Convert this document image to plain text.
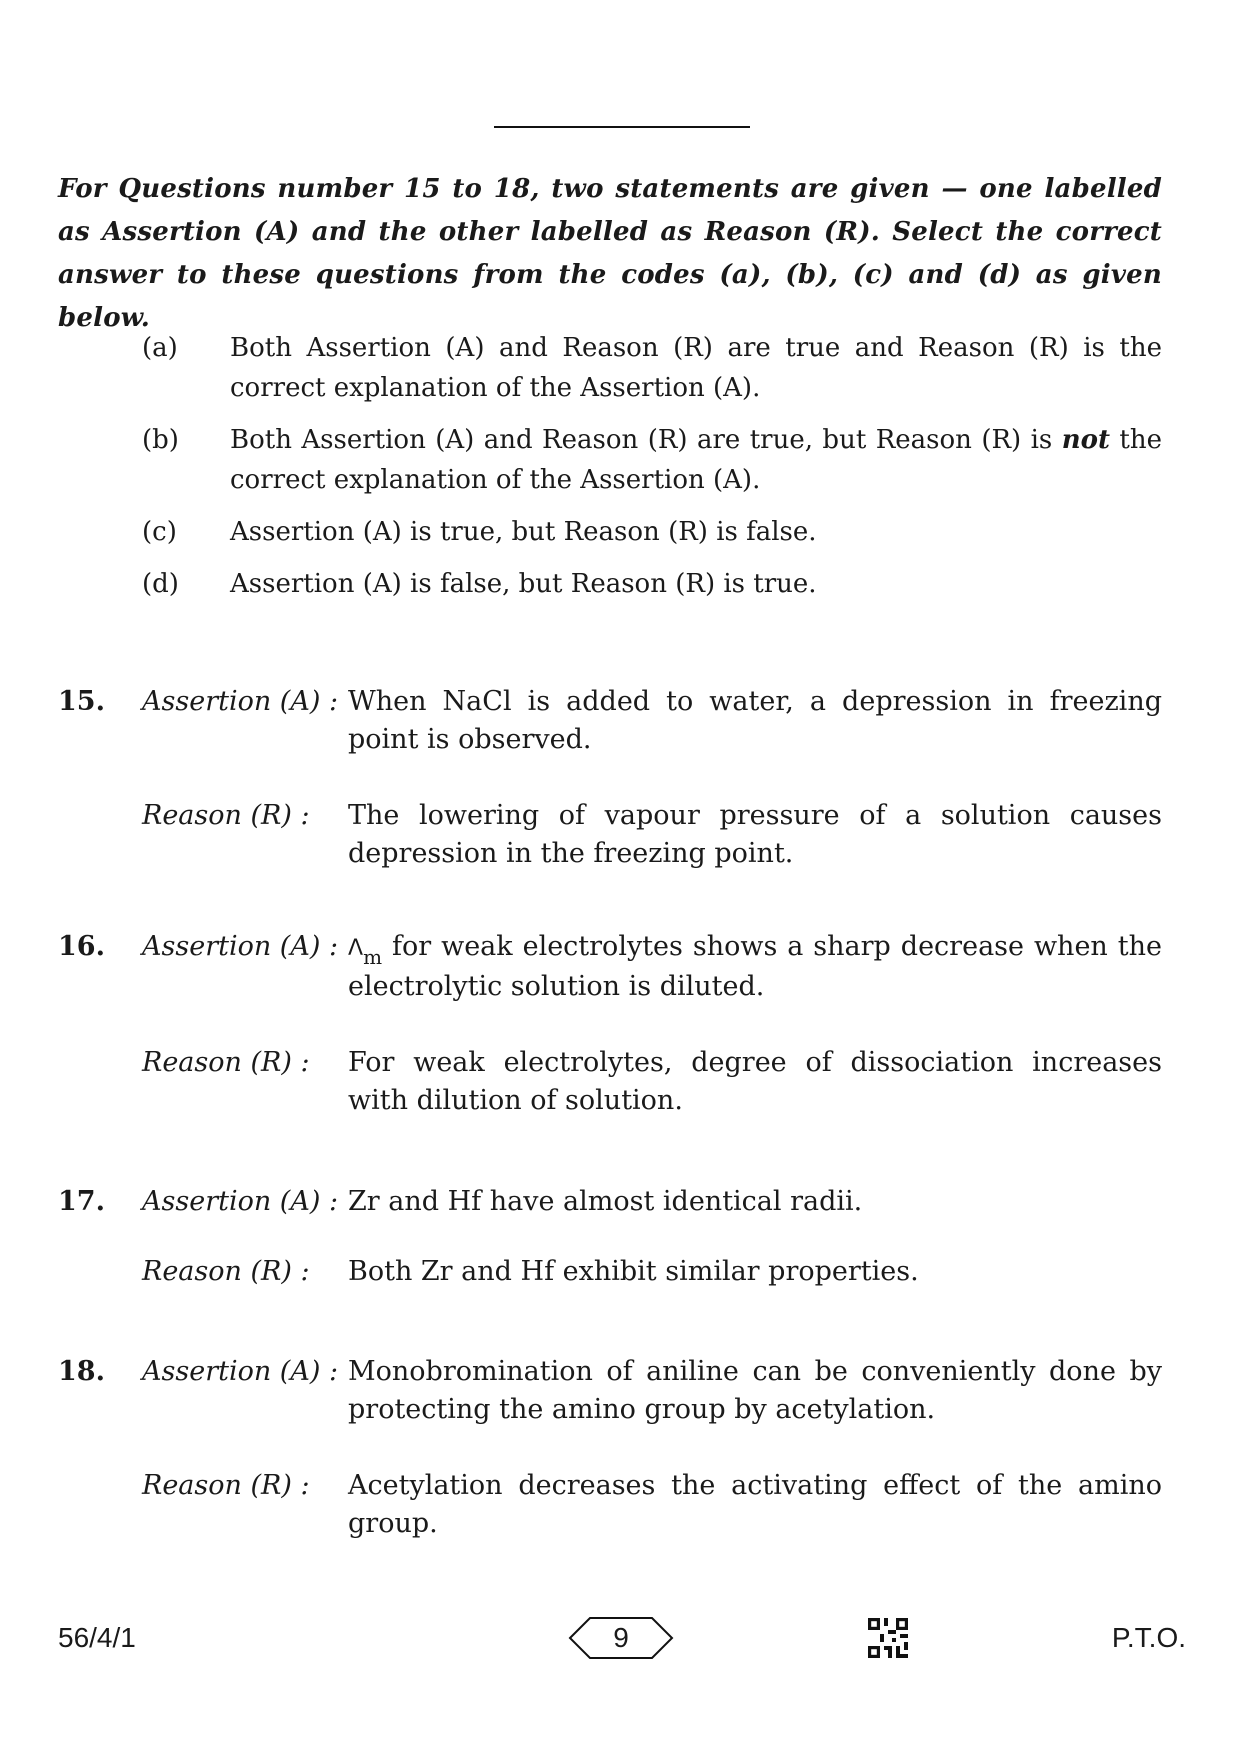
For Questions number 15 to 18, two statements are given — one labelled as Assertion (A) and the other labelled as Reason (R). Select the correct answer to these questions from the codes (a), (b), (c) and (d) as given below.
(a)	Both Assertion (A) and Reason (R) are true and Reason (R) is the correct explanation of the Assertion (A).
(b)	Both Assertion (A) and Reason (R) are true, but Reason (R) is not the correct explanation of the Assertion (A).
(c)	Assertion (A) is true, but Reason (R) is false.
(d)	Assertion (A) is false, but Reason (R) is true.
15. Assertion (A) : When NaCl is added to water, a depression in freezing point is observed.
Reason (R) : The lowering of vapour pressure of a solution causes depression in the freezing point.
16. Assertion (A) : $\Lambda_m$ for weak electrolytes shows a sharp decrease when the electrolytic solution is diluted.
Reason (R) : For weak electrolytes, degree of dissociation increases with dilution of solution.
17. Assertion (A) : Zr and Hf have almost identical radii.
Reason (R) : Both Zr and Hf exhibit similar properties.
18. Assertion (A) : Monobromination of aniline can be conveniently done by protecting the amino group by acetylation.
Reason (R) : Acetylation decreases the activating effect of the amino group.
56/4/1	9	P.T.O.
